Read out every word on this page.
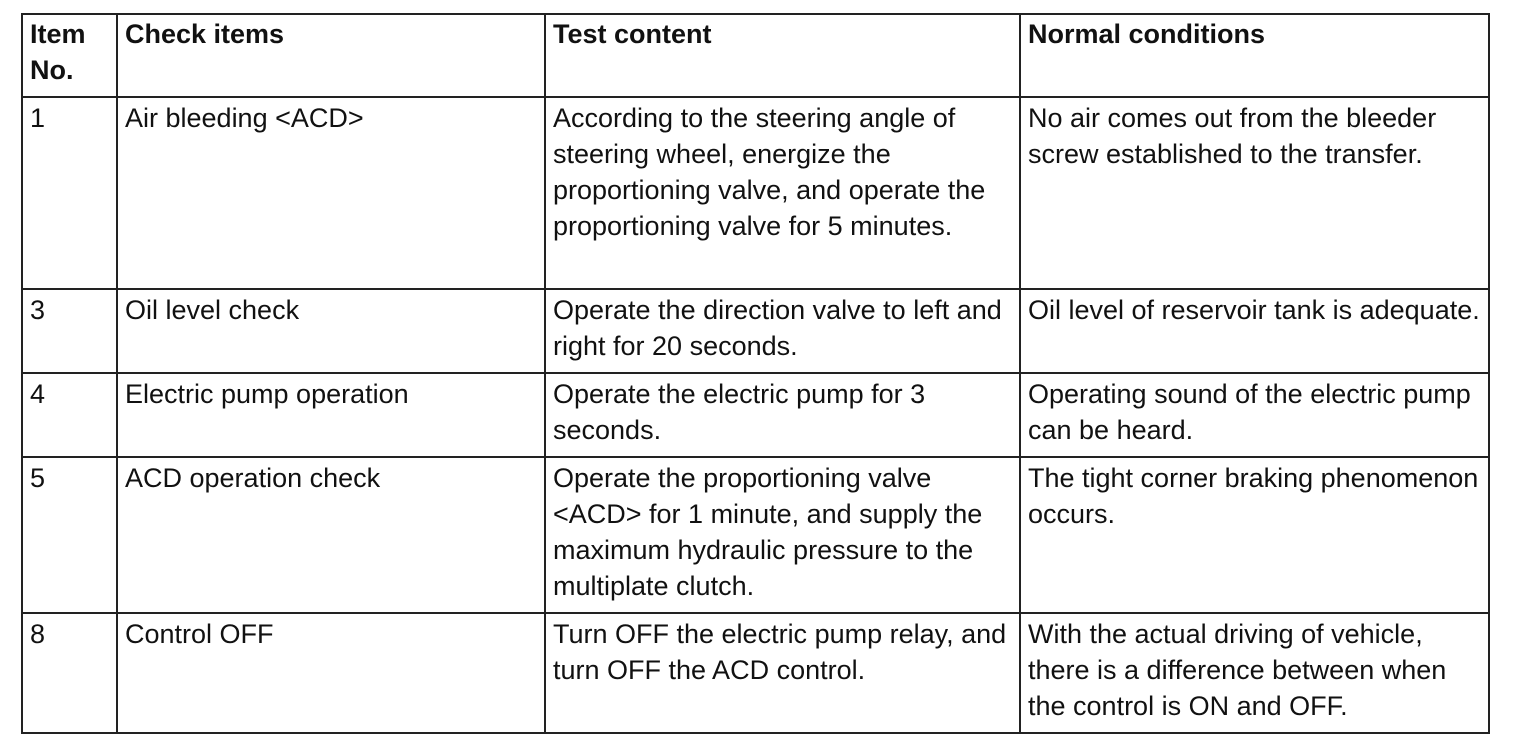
Item No.	Check items	Test content	Normal conditions
1	Air bleeding <ACD>	According to the steering angle of steering wheel, energize the proportioning valve, and operate the proportioning valve for 5 minutes.	No air comes out from the bleeder screw established to the transfer.
3	Oil level check	Operate the direction valve to left and right for 20 seconds.	Oil level of reservoir tank is adequate.
4	Electric pump operation	Operate the electric pump for 3 seconds.	Operating sound of the electric pump can be heard.
5	ACD operation check	Operate the proportioning valve <ACD> for 1 minute, and supply the maximum hydraulic pressure to the multiplate clutch.	The tight corner braking phenomenon occurs.
8	Control OFF	Turn OFF the electric pump relay, and turn OFF the ACD control.	With the actual driving of vehicle, there is a difference between when the control is ON and OFF.
